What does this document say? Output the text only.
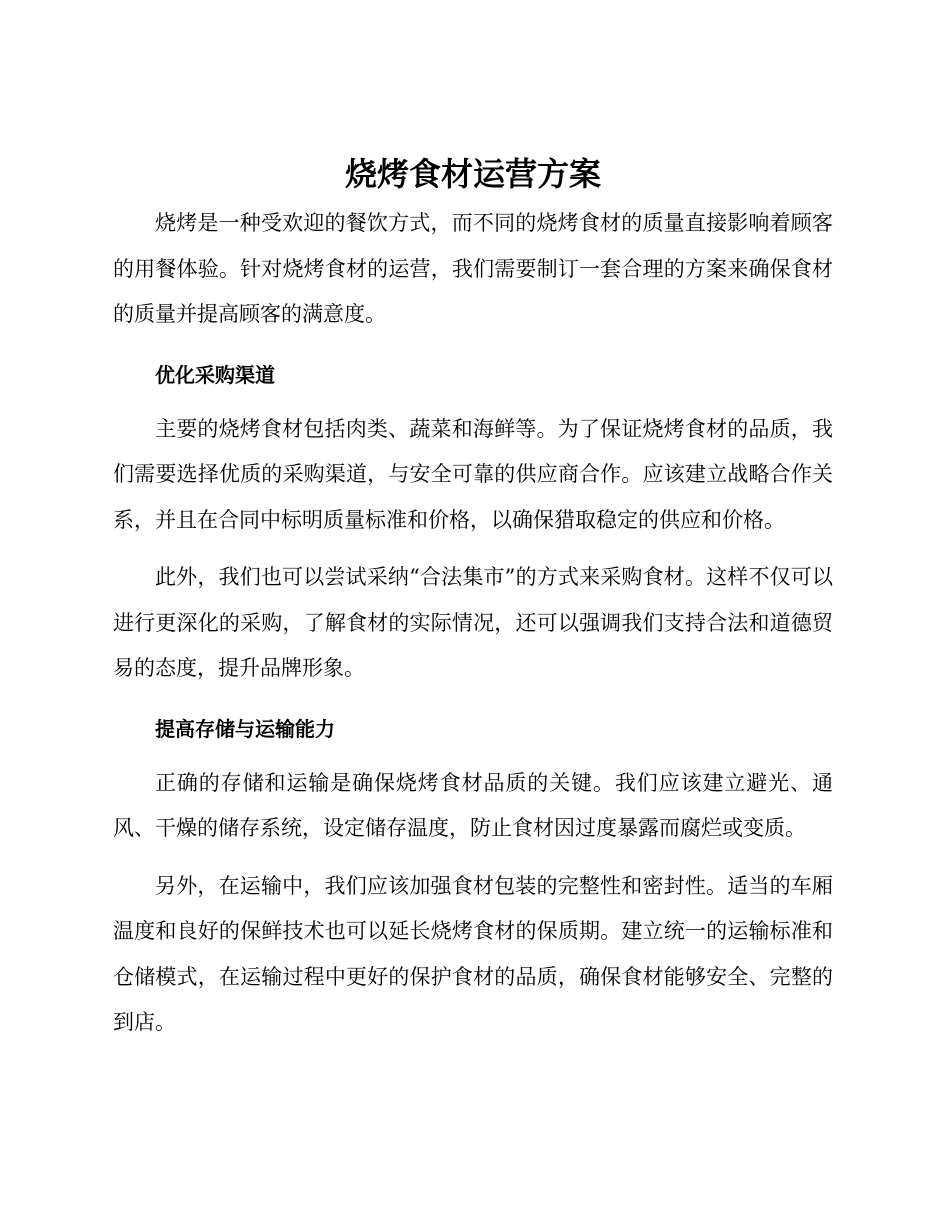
烧烤食材运营方案

烧烤是一种受欢迎的餐饮方式，而不同的烧烤食材的质量直接影响着顾客的用餐体验。针对烧烤食材的运营，我们需要制订一套合理的方案来确保食材的质量并提高顾客的满意度。

优化采购渠道

主要的烧烤食材包括肉类、蔬菜和海鲜等。为了保证烧烤食材的品质，我们需要选择优质的采购渠道，与安全可靠的供应商合作。应该建立战略合作关系，并且在合同中标明质量标准和价格，以确保猎取稳定的供应和价格。

此外，我们也可以尝试采纳“合法集市”的方式来采购食材。这样不仅可以进行更深化的采购，了解食材的实际情况，还可以强调我们支持合法和道德贸易的态度，提升品牌形象。

提高存储与运输能力

正确的存储和运输是确保烧烤食材品质的关键。我们应该建立避光、通风、干燥的储存系统，设定储存温度，防止食材因过度暴露而腐烂或变质。

另外，在运输中，我们应该加强食材包装的完整性和密封性。适当的车厢温度和良好的保鲜技术也可以延长烧烤食材的保质期。建立统一的运输标准和仓储模式，在运输过程中更好的保护食材的品质，确保食材能够安全、完整的到店。
